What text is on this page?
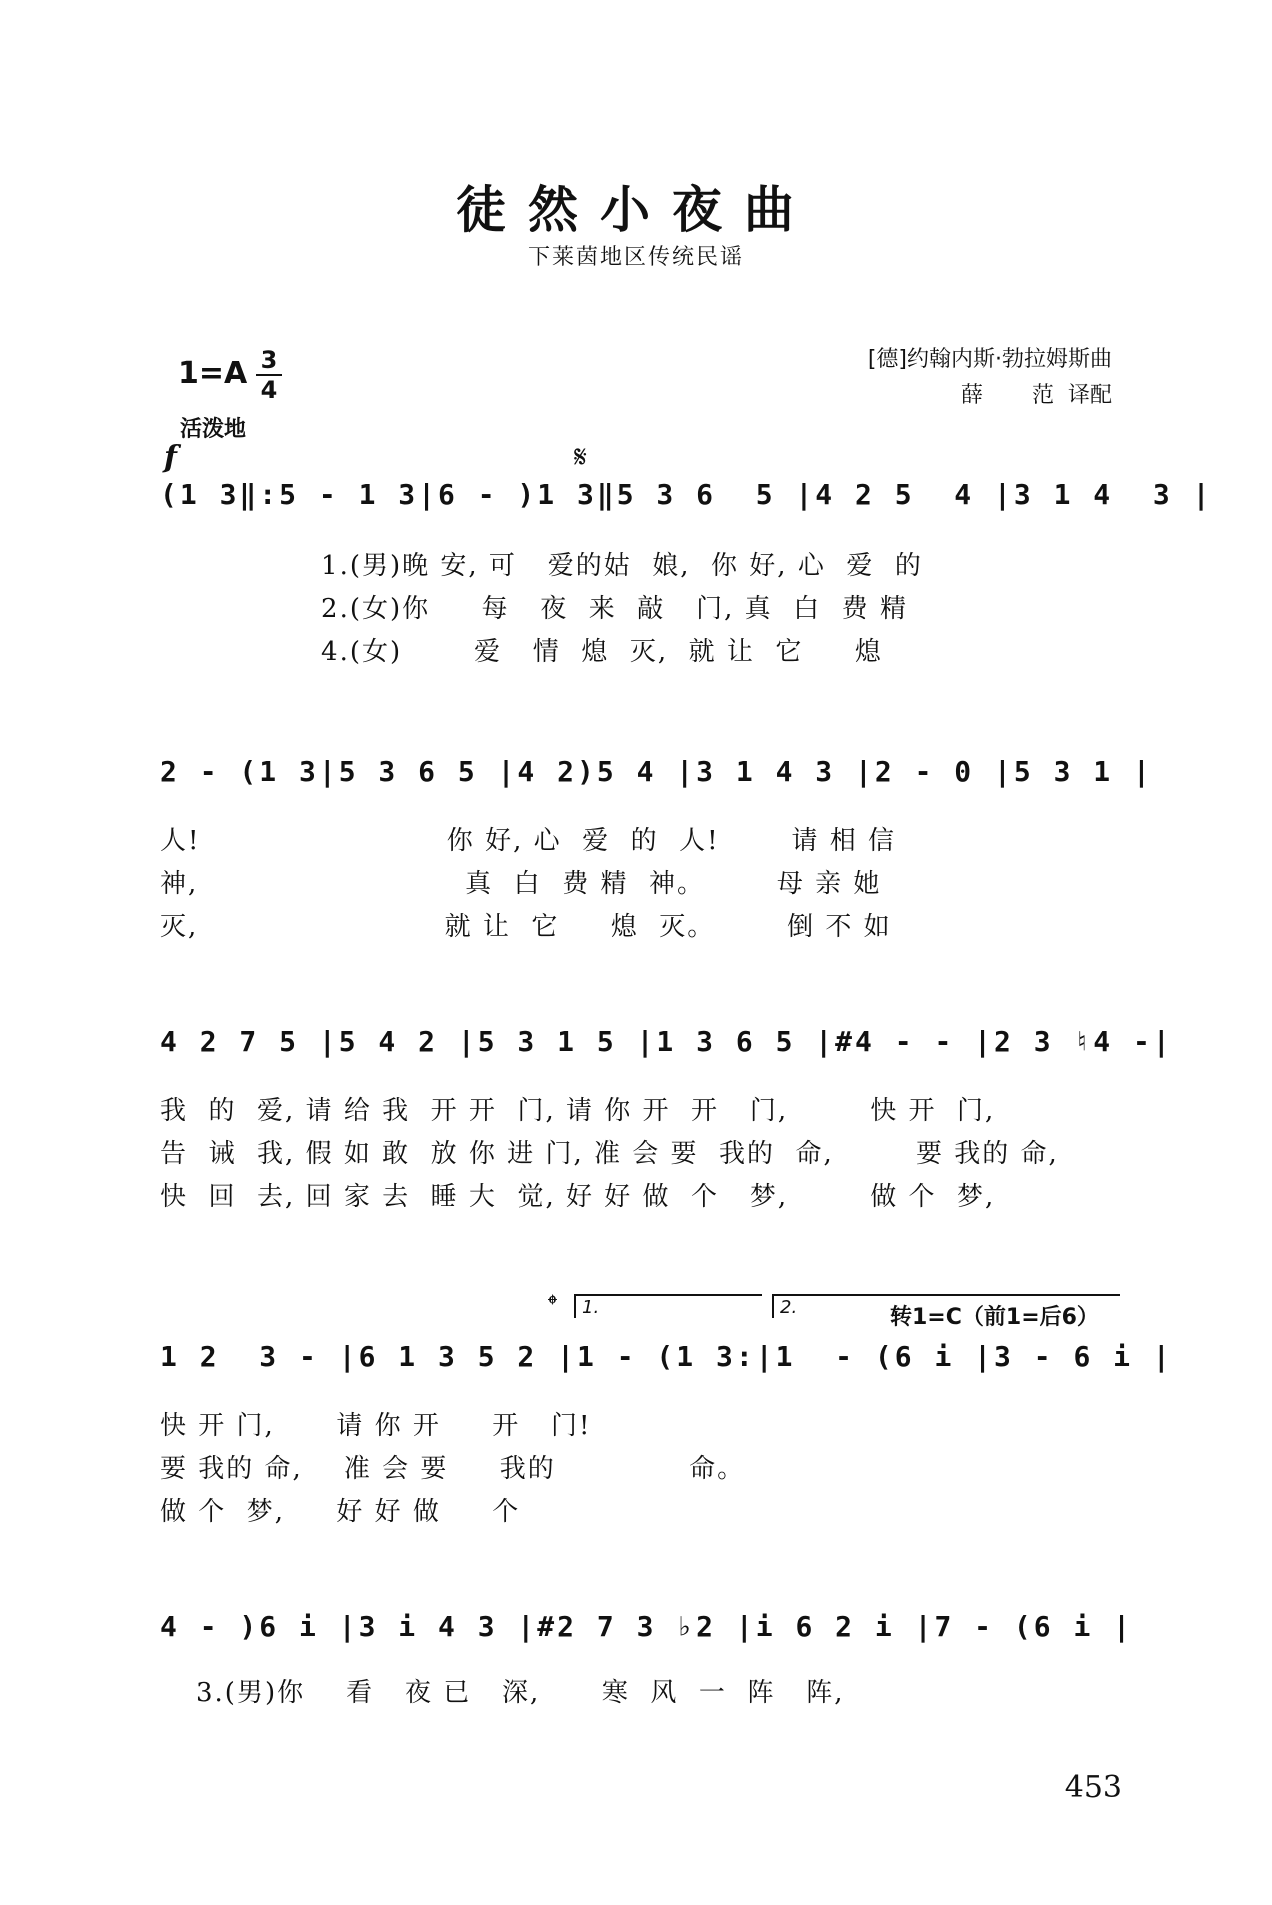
徒然小夜曲
下莱茵地区传统民谣
1=A 3
4
活泼地
[德]约翰内斯·勃拉姆斯曲
薛       范  译配
f	𝄋
(1 3‖:5 - 1 3|6 - )1 3‖5 3 6  5 |4 2 5  4 |3 1 4  3 |
1.(男)晚 安, 可   爱的姑  娘,  你 好, 心  爱  的
2.(女)你     每   夜  来  敲   门, 真  白  费 精
4.(女)       爱   情  熄  灭,  就 让  它     熄
2 - (1 3|5 3 6 5 |4 2)5 4 |3 1 4 3 |2 - 0 |5 3 1 |
人!                        你 好, 心  爱  的  人!       请 相 信
神,                          真  白  费 精  神。       母 亲 她
灭,                        就 让  它     熄  灭。       倒 不 如
4 2 7 5 |5 4 2 |5 3 1 5 |1 3 6 5 |#4 - - |2 3 ♮4 -|
我  的  爱, 请 给 我  开 开  门, 请 你 开  开   门,        快 开  门,
告  诫  我, 假 如 敢  放 你 进 门, 准 会 要  我的  命,        要 我的 命,
快  回  去, 回 家 去  睡 大  觉, 好 好 做  个   梦,        做 个  梦,
𝄌	1.	2.	转1=C（前1=后6）
1 2  3 - |6 1 3 5 2 |1 - (1 3:|1  - (6 i |3 - 6 i |
快 开 门,      请 你 开     开   门!
要 我的 命,    准 会 要     我的             命。
做 个  梦,     好 好 做     个
4 - )6 i |3 i 4 3 |#2 7 3 ♭2 |i 6 2 i |7 - (6 i |
3.(男)你    看   夜 已   深,      寒  风  一  阵   阵,
453
